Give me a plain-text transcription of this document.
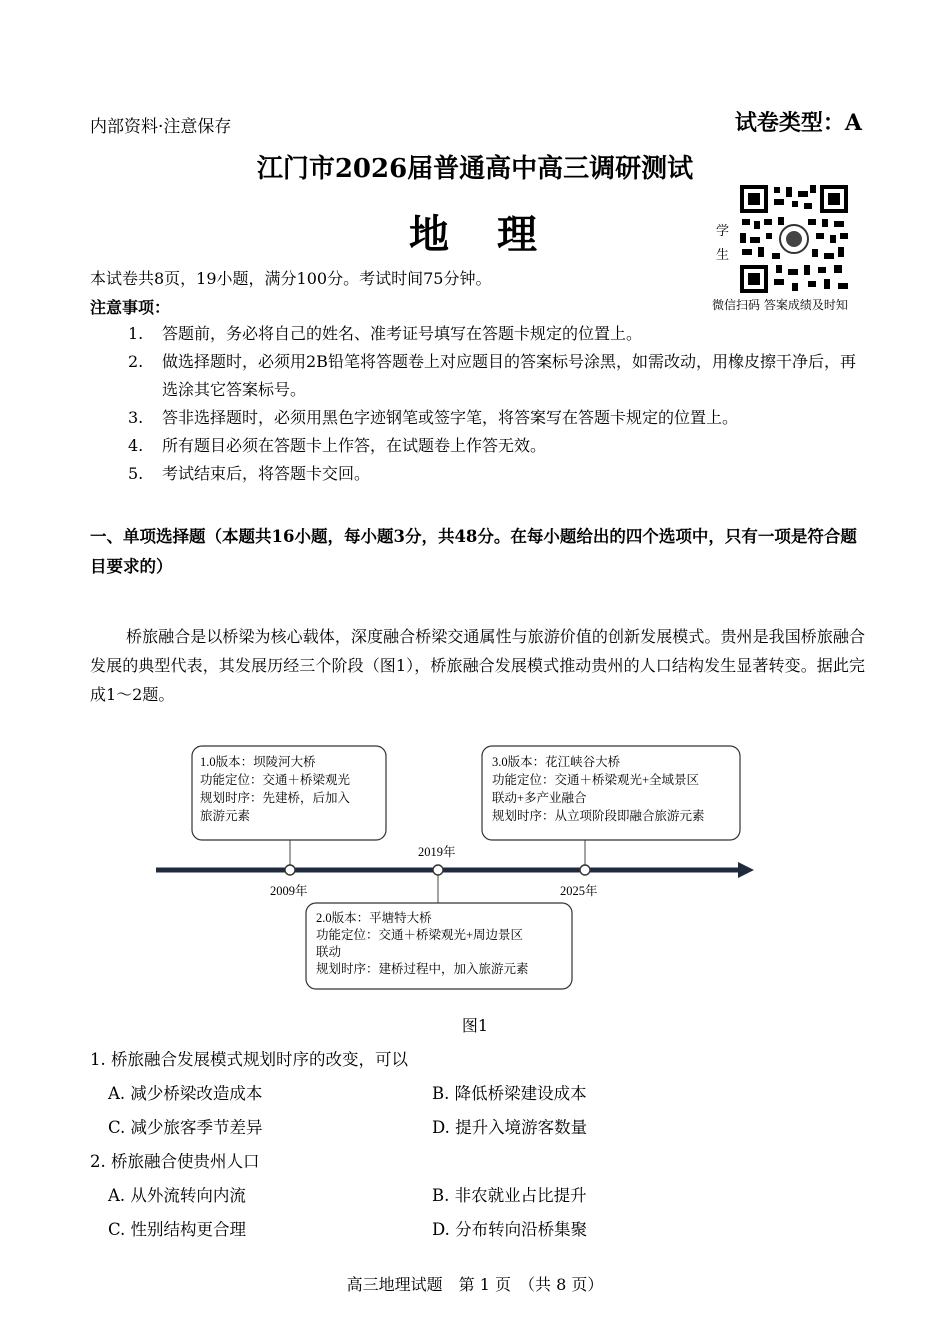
内部资料·注意保存	试卷类型：A
江门市2026届普通高中高三调研测试
地　理	学生
微信扫码 答案成绩及时知
本试卷共8页，19小题，满分100分。考试时间75分钟。
注意事项：
1.	答题前，务必将自己的姓名、准考证号填写在答题卡规定的位置上。
2.	做选择题时，必须用2B铅笔将答题卷上对应题目的答案标号涂黑，如需改动，用橡皮擦干净后，再选涂其它答案标号。
3.	答非选择题时，必须用黑色字迹钢笔或签字笔，将答案写在答题卡规定的位置上。
4.	所有题目必须在答题卡上作答，在试题卷上作答无效。
5.	考试结束后，将答题卡交回。
一、单项选择题（本题共16小题，每小题3分，共48分。在每小题给出的四个选项中，只有一项是符合题目要求的）
桥旅融合是以桥梁为核心载体，深度融合桥梁交通属性与旅游价值的创新发展模式。贵州是我国桥旅融合发展的典型代表，其发展历经三个阶段（图1），桥旅融合发展模式推动贵州的人口结构发生显著转变。据此完成1～2题。
2009年
2019年
2025年
1.0版本：坝陵河大桥
功能定位：交通＋桥梁观光
规划时序：先建桥，后加入
旅游元素
3.0版本：花江峡谷大桥
功能定位：交通＋桥梁观光+全域景区
联动+多产业融合
规划时序：从立项阶段即融合旅游元素
2.0版本：平塘特大桥
功能定位：交通＋桥梁观光+周边景区
联动
规划时序：建桥过程中，加入旅游元素
图1
1. 桥旅融合发展模式规划时序的改变，可以
A. 减少桥梁改造成本	B. 降低桥梁建设成本
C. 减少旅客季节差异	D. 提升入境游客数量
2. 桥旅融合使贵州人口
A. 从外流转向内流	B. 非农就业占比提升
C. 性别结构更合理	D. 分布转向沿桥集聚
高三地理试题　第 1 页　（共 8 页）
